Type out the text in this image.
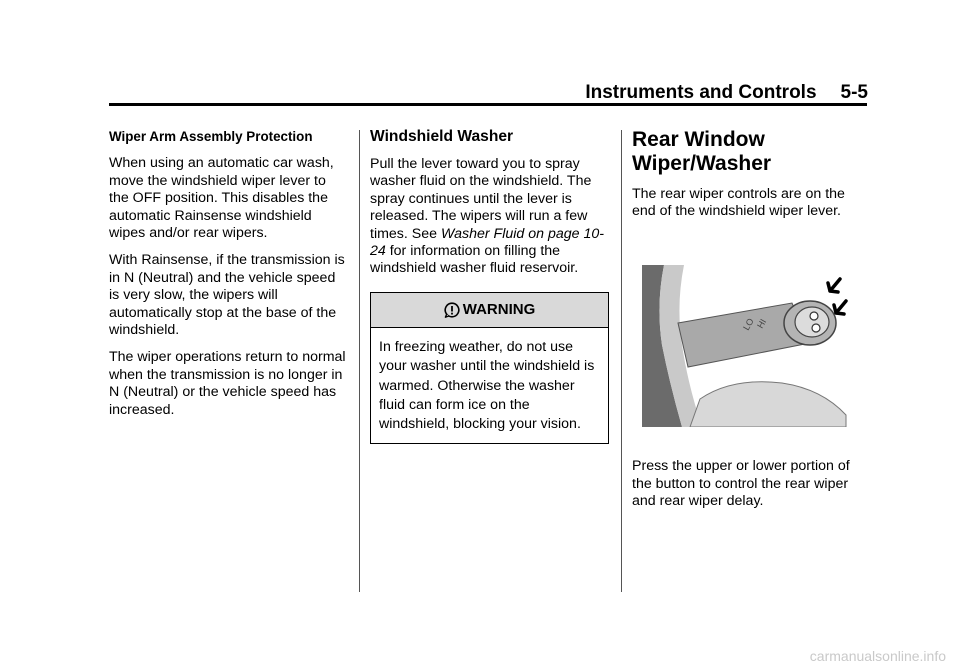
Instruments and Controls 5-5

Wiper Arm Assembly Protection

When using an automatic car wash, move the windshield wiper lever to the OFF position. This disables the automatic Rainsense windshield wipes and/or rear wipers.

With Rainsense, if the transmission is in N (Neutral) and the vehicle speed is very slow, the wipers will automatically stop at the base of the windshield.

The wiper operations return to normal when the transmission is no longer in N (Neutral) or the vehicle speed has increased.

Windshield Washer

Pull the lever toward you to spray washer fluid on the windshield. The spray continues until the lever is released. The wipers will run a few times. See Washer Fluid on page 10-24 for information on filling the windshield washer fluid reservoir.

WARNING
In freezing weather, do not use your washer until the windshield is warmed. Otherwise the washer fluid can form ice on the windshield, blocking your vision.

Rear Window Wiper/Washer

The rear wiper controls are on the end of the windshield wiper lever.

LO HI

Press the upper or lower portion of the button to control the rear wiper and rear wiper delay.

carmanualsonline.info
